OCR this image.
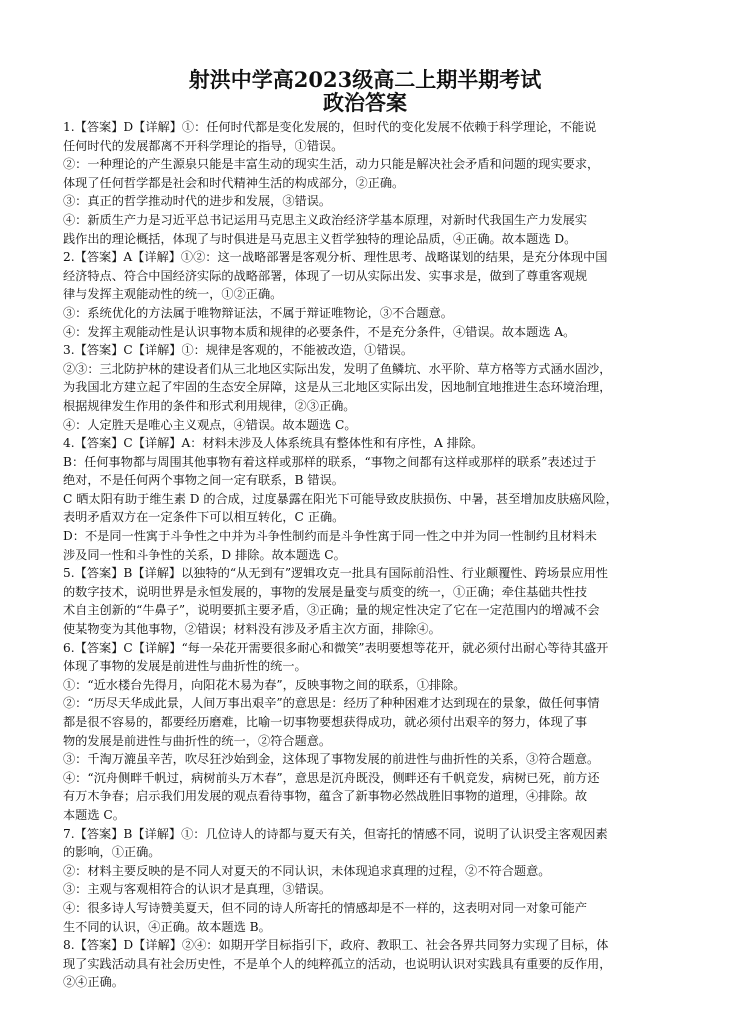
射洪中学高2023级高二上期半期考试
政治答案
1.【答案】D【详解】①：任何时代都是变化发展的，但时代的变化发展不依赖于科学理论，不能说
任何时代的发展都离不开科学理论的指导，①错误。
②：一种理论的产生源泉只能是丰富生动的现实生活，动力只能是解决社会矛盾和问题的现实要求，
体现了任何哲学都是社会和时代精神生活的构成部分，②正确。
③：真正的哲学推动时代的进步和发展，③错误。
④：新质生产力是习近平总书记运用马克思主义政治经济学基本原理，对新时代我国生产力发展实
践作出的理论概括，体现了与时俱进是马克思主义哲学独特的理论品质，④正确。故本题选 D。
2.【答案】A【详解】①②：这一战略部署是客观分析、理性思考、战略谋划的结果，是充分体现中国
经济特点、符合中国经济实际的战略部署，体现了一切从实际出发、实事求是，做到了尊重客观规
律与发挥主观能动性的统一，①②正确。
③：系统优化的方法属于唯物辩证法，不属于辩证唯物论，③不合题意。
④：发挥主观能动性是认识事物本质和规律的必要条件，不是充分条件，④错误。故本题选 A。
3.【答案】C【详解】①：规律是客观的，不能被改造，①错误。
②③：三北防护林的建设者们从三北地区实际出发，发明了鱼鳞坑、水平阶、草方格等方式涵水固沙，
为我国北方建立起了牢固的生态安全屏障，这是从三北地区实际出发，因地制宜地推进生态环境治理，
根据规律发生作用的条件和形式利用规律，②③正确。
④：人定胜天是唯心主义观点，④错误。故本题选 C。
4.【答案】C【详解】A：材料未涉及人体系统具有整体性和有序性，A 排除。
B：任何事物都与周围其他事物有着这样或那样的联系，“事物之间都有这样或那样的联系”表述过于
绝对，不是任何两个事物之间一定有联系，B 错误。
C 晒太阳有助于维生素 D 的合成，过度暴露在阳光下可能导致皮肤损伤、中暑，甚至增加皮肤癌风险，
表明矛盾双方在一定条件下可以相互转化，C 正确。
D：不是同一性寓于斗争性之中并为斗争性制约而是斗争性寓于同一性之中并为同一性制约且材料未
涉及同一性和斗争性的关系，D 排除。故本题选 C。
5.【答案】B【详解】以独特的“从无到有”逻辑攻克一批具有国际前沿性、行业颠覆性、跨场景应用性
的数字技术，说明世界是永恒发展的，事物的发展是量变与质变的统一，①正确；牵住基础共性技
术自主创新的“牛鼻子”，说明要抓主要矛盾，③正确；量的规定性决定了它在一定范围内的增减不会
使某物变为其他事物，②错误；材料没有涉及矛盾主次方面，排除④。
6.【答案】C【详解】“每一朵花开需要很多耐心和微笑”表明要想等花开，就必须付出耐心等待其盛开
体现了事物的发展是前进性与曲折性的统一。
①：“近水楼台先得月，向阳花木易为春”，反映事物之间的联系，①排除。
②：“历尽天华成此景，人间万事出艰辛”的意思是：经历了种种困难才达到现在的景象，做任何事情
都是很不容易的，都要经历磨难，比喻一切事物要想获得成功，就必须付出艰辛的努力，体现了事
物的发展是前进性与曲折性的统一，②符合题意。
③：千淘万漉虽辛苦，吹尽狂沙始到金，这体现了事物发展的前进性与曲折性的关系，③符合题意。
④：“沉舟侧畔千帆过，病树前头万木春”，意思是沉舟既没，侧畔还有千帆竞发，病树已死，前方还
有万木争春；启示我们用发展的观点看待事物，蕴含了新事物必然战胜旧事物的道理，④排除。故
本题选 C。
7.【答案】B【详解】①：几位诗人的诗都与夏天有关，但寄托的情感不同，说明了认识受主客观因素
的影响，①正确。
②：材料主要反映的是不同人对夏天的不同认识，未体现追求真理的过程，②不符合题意。
③：主观与客观相符合的认识才是真理，③错误。
④：很多诗人写诗赞美夏天，但不同的诗人所寄托的情感却是不一样的，这表明对同一对象可能产
生不同的认识，④正确。故本题选 B。
8.【答案】D【详解】②④：如期开学目标指引下，政府、教职工、社会各界共同努力实现了目标，体
现了实践活动具有社会历史性，不是单个人的纯粹孤立的活动，也说明认识对实践具有重要的反作用，
②④正确。
